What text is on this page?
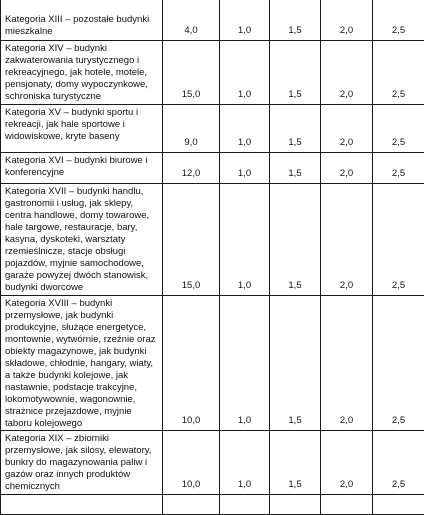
Kategoria XIII – pozostałe budynki mieszkalne	4,0	1,0	1,5	2,0	2,5
Kategoria XIV – budynki zakwaterowania turystycznego i rekreacyjnego, jak hotele, motele, pensjonaty, domy wypoczynkowe, schroniska turystyczne	15,0	1,0	1,5	2,0	2,5
Kategoria XV – budynki sportu i rekreacji, jak hale sportowe i widowiskowe, kryte baseny	9,0	1,0	1,5	2,0	2,5
Kategoria XVI – budynki biurowe i konferencyjne	12,0	1,0	1,5	2,0	2,5
Kategoria XVII – budynki handlu, gastronomii i usług, jak sklepy, centra handlowe, domy towarowe, hale targowe, restauracje, bary, kasyna, dyskoteki, warsztaty rzemieślnicze, stacje obsługi pojazdów, myjnie samochodowe, garaże powyżej dwóch stanowisk, budynki dworcowe	15,0	1,0	1,5	2,0	2,5
Kategoria XVIII – budynki przemysłowe, jak budynki produkcyjne, służące energetyce, montownie, wytwórnie, rzeźnie oraz obiekty magazynowe, jak budynki składowe, chłodnie, hangary, wiaty, a także budynki kolejowe, jak nastawnie, podstacje trakcyjne, lokomotywownie, wagonownie, strażnice przejazdowe, myjnie taboru kolejowego	10,0	1,0	1,5	2,0	2,5
Kategoria XIX – zbiorniki przemysłowe, jak silosy, elewatory, bunkry do magazynowania paliw i gazów oraz innych produktów chemicznych	10,0	1,0	1,5	2,0	2,5
